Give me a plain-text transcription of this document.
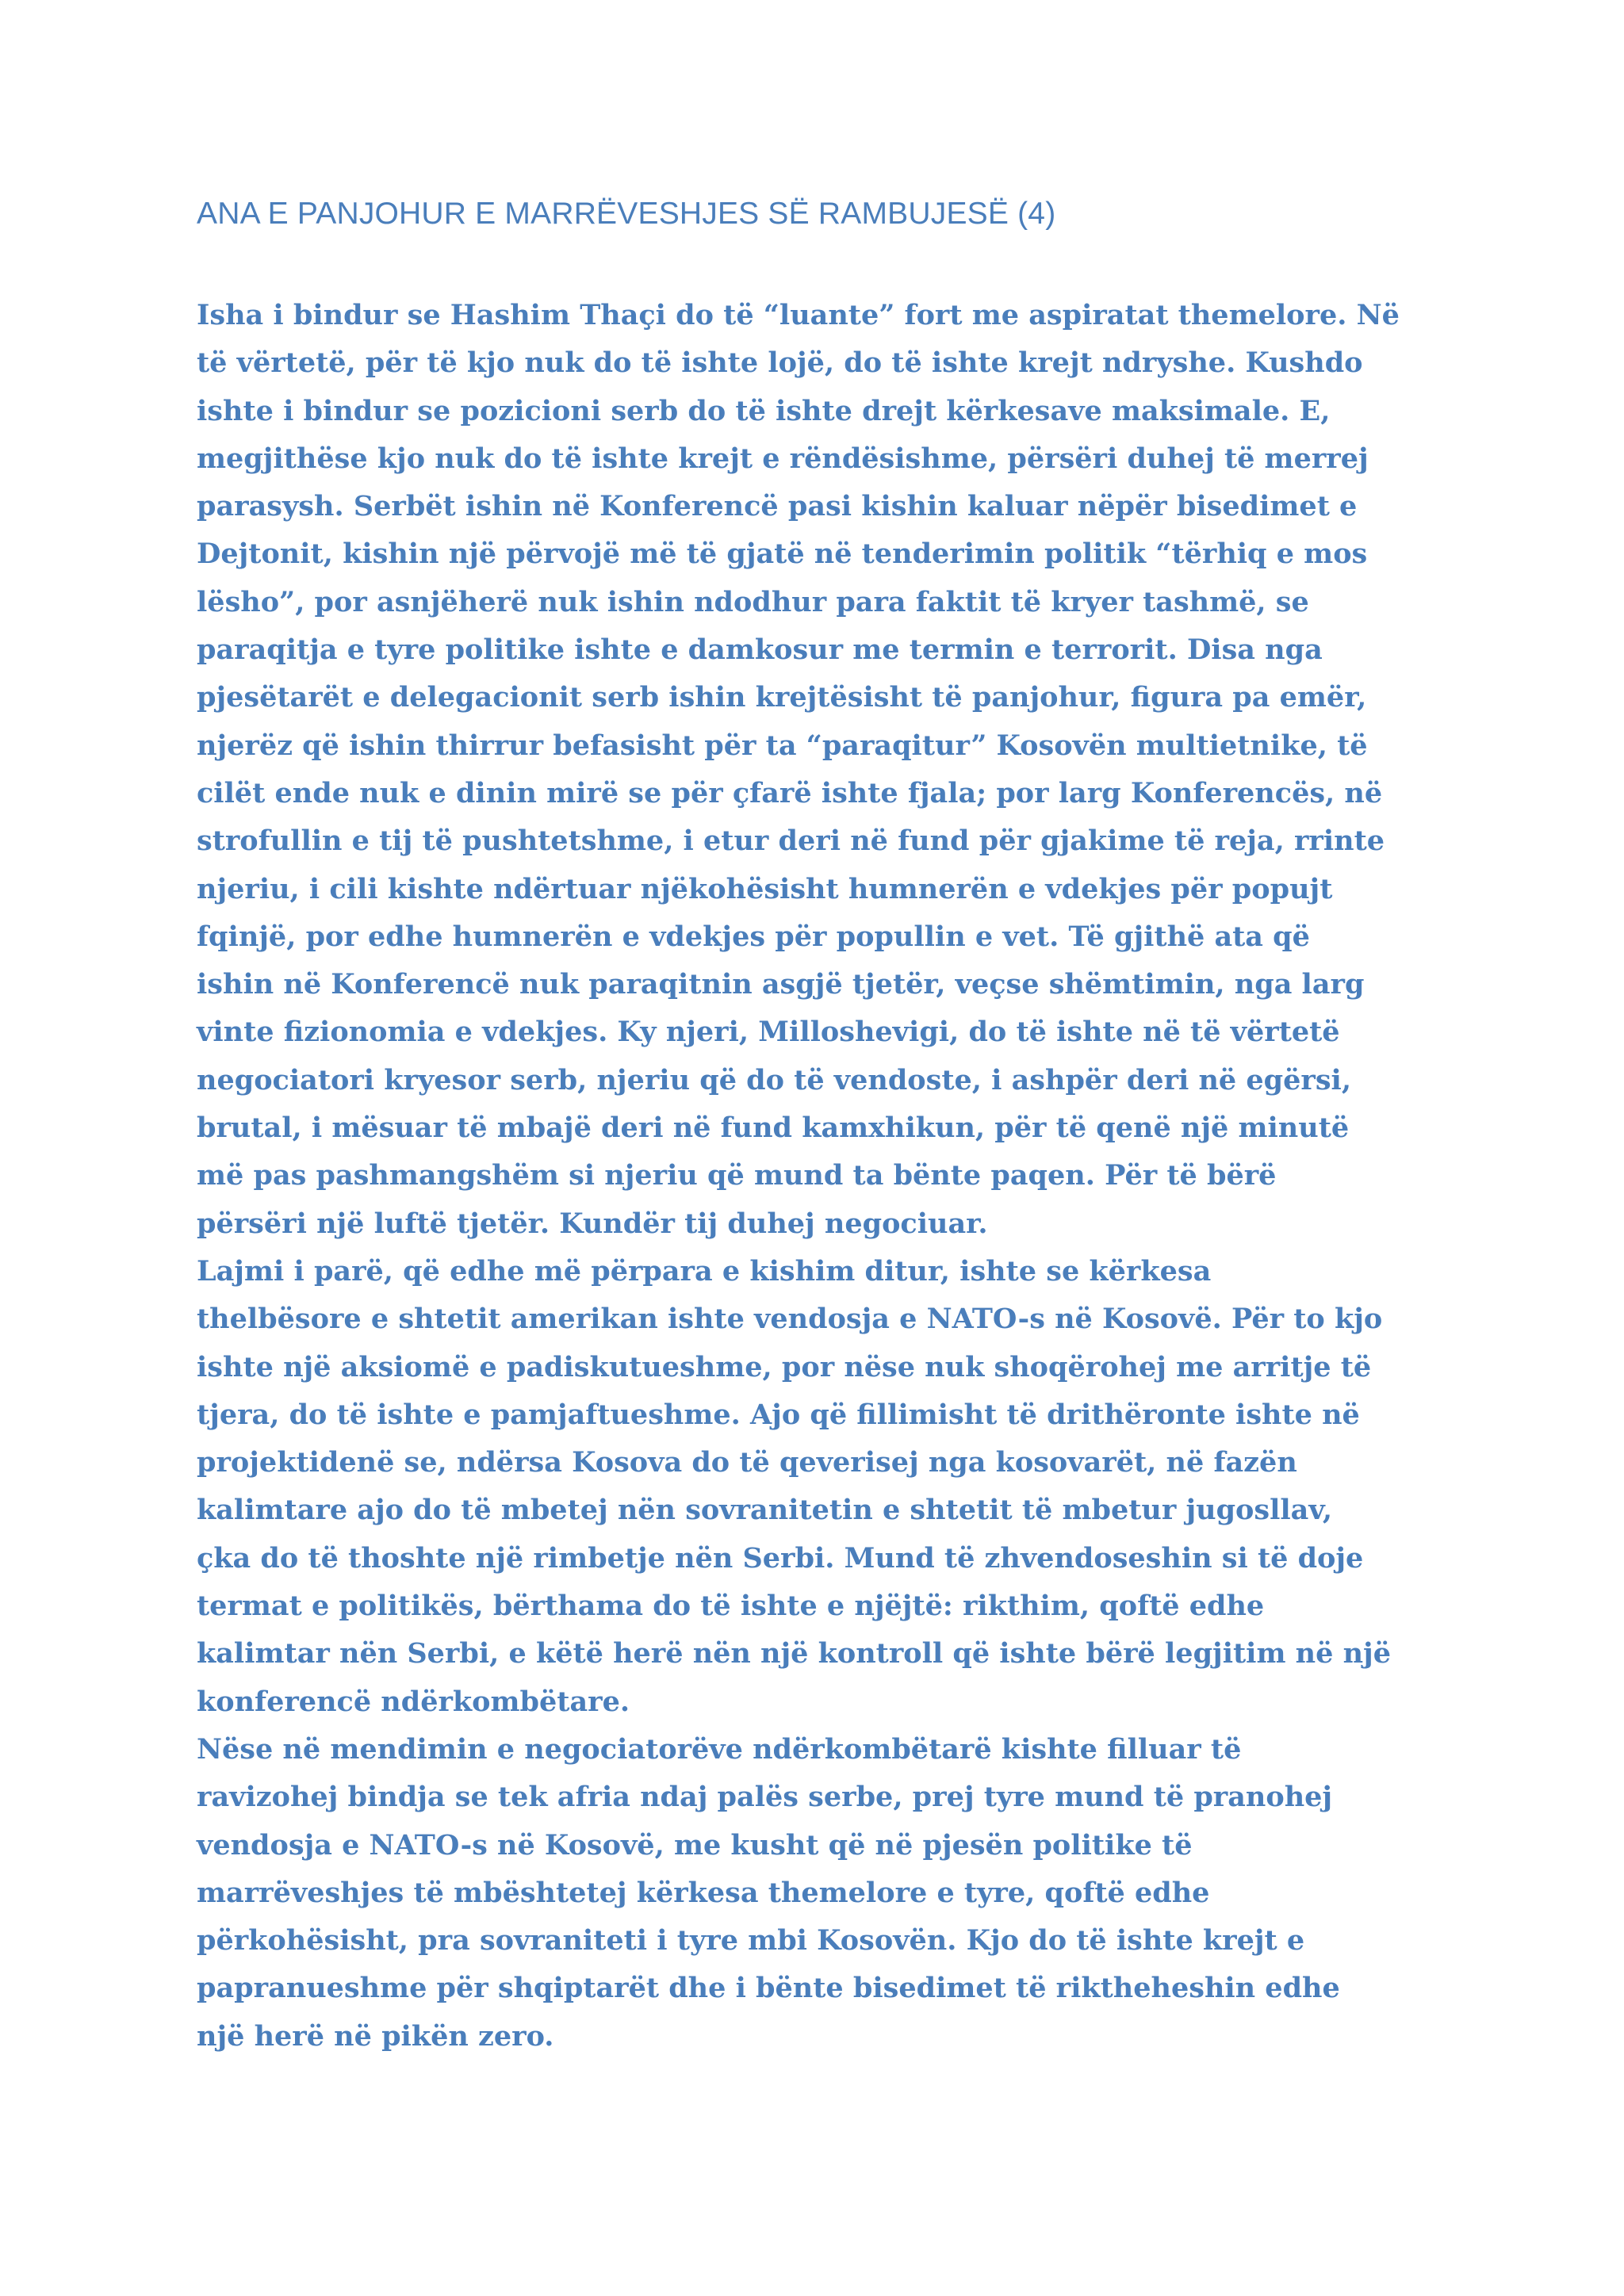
ANA E PANJOHUR E MARRËVESHJES SË RAMBUJESË (4)
Isha i bindur se Hashim Thaçi do të “luante” fort me aspiratat themelore. Në
të vërtetë, për të kjo nuk do të ishte lojë, do të ishte krejt ndryshe. Kushdo
ishte i bindur se pozicioni serb do të ishte drejt kërkesave maksimale. E,
megjithëse kjo nuk do të ishte krejt e rëndësishme, përsëri duhej të merrej
parasysh. Serbët ishin në Konferencë pasi kishin kaluar nëpër bisedimet e
Dejtonit, kishin një përvojë më të gjatë në tenderimin politik “tërhiq e mos
lësho”, por asnjëherë nuk ishin ndodhur para faktit të kryer tashmë, se
paraqitja e tyre politike ishte e damkosur me termin e terrorit. Disa nga
pjesëtarët e delegacionit serb ishin krejtësisht të panjohur, figura pa emër,
njerëz që ishin thirrur befasisht për ta “paraqitur” Kosovën multietnike, të
cilët ende nuk e dinin mirë se për çfarë ishte fjala; por larg Konferencës, në
strofullin e tij të pushtetshme, i etur deri në fund për gjakime të reja, rrinte
njeriu, i cili kishte ndërtuar njëkohësisht humnerën e vdekjes për popujt
fqinjë, por edhe humnerën e vdekjes për popullin e vet. Të gjithë ata që
ishin në Konferencë nuk paraqitnin asgjë tjetër, veçse shëmtimin, nga larg
vinte fizionomia e vdekjes. Ky njeri, Milloshevigi, do të ishte në të vërtetë
negociatori kryesor serb, njeriu që do të vendoste, i ashpër deri në egërsi,
brutal, i mësuar të mbajë deri në fund kamxhikun, për të qenë një minutë
më pas pashmangshëm si njeriu që mund ta bënte paqen. Për të bërë
përsëri një luftë tjetër. Kundër tij duhej negociuar.
Lajmi i parë, që edhe më përpara e kishim ditur, ishte se kërkesa
thelbësore e shtetit amerikan ishte vendosja e NATO-s në Kosovë. Për to kjo
ishte një aksiomë e padiskutueshme, por nëse nuk shoqërohej me arritje të
tjera, do të ishte e pamjaftueshme. Ajo që fillimisht të drithëronte ishte në
projektidenë se, ndërsa Kosova do të qeverisej nga kosovarët, në fazën
kalimtare ajo do të mbetej nën sovranitetin e shtetit të mbetur jugosllav,
çka do të thoshte një rimbetje nën Serbi. Mund të zhvendoseshin si të doje
termat e politikës, bërthama do të ishte e njëjtë: rikthim, qoftë edhe
kalimtar nën Serbi, e këtë herë nën një kontroll që ishte bërë legjitim në një
konferencë ndërkombëtare.
Nëse në mendimin e negociatorëve ndërkombëtarë kishte filluar të
ravizohej bindja se tek afria ndaj palës serbe, prej tyre mund të pranohej
vendosja e NATO-s në Kosovë, me kusht që në pjesën politike të
marrëveshjes të mbështetej kërkesa themelore e tyre, qoftë edhe
përkohësisht, pra sovraniteti i tyre mbi Kosovën. Kjo do të ishte krejt e
papranueshme për shqiptarët dhe i bënte bisedimet të riktheheshin edhe
një herë në pikën zero.
